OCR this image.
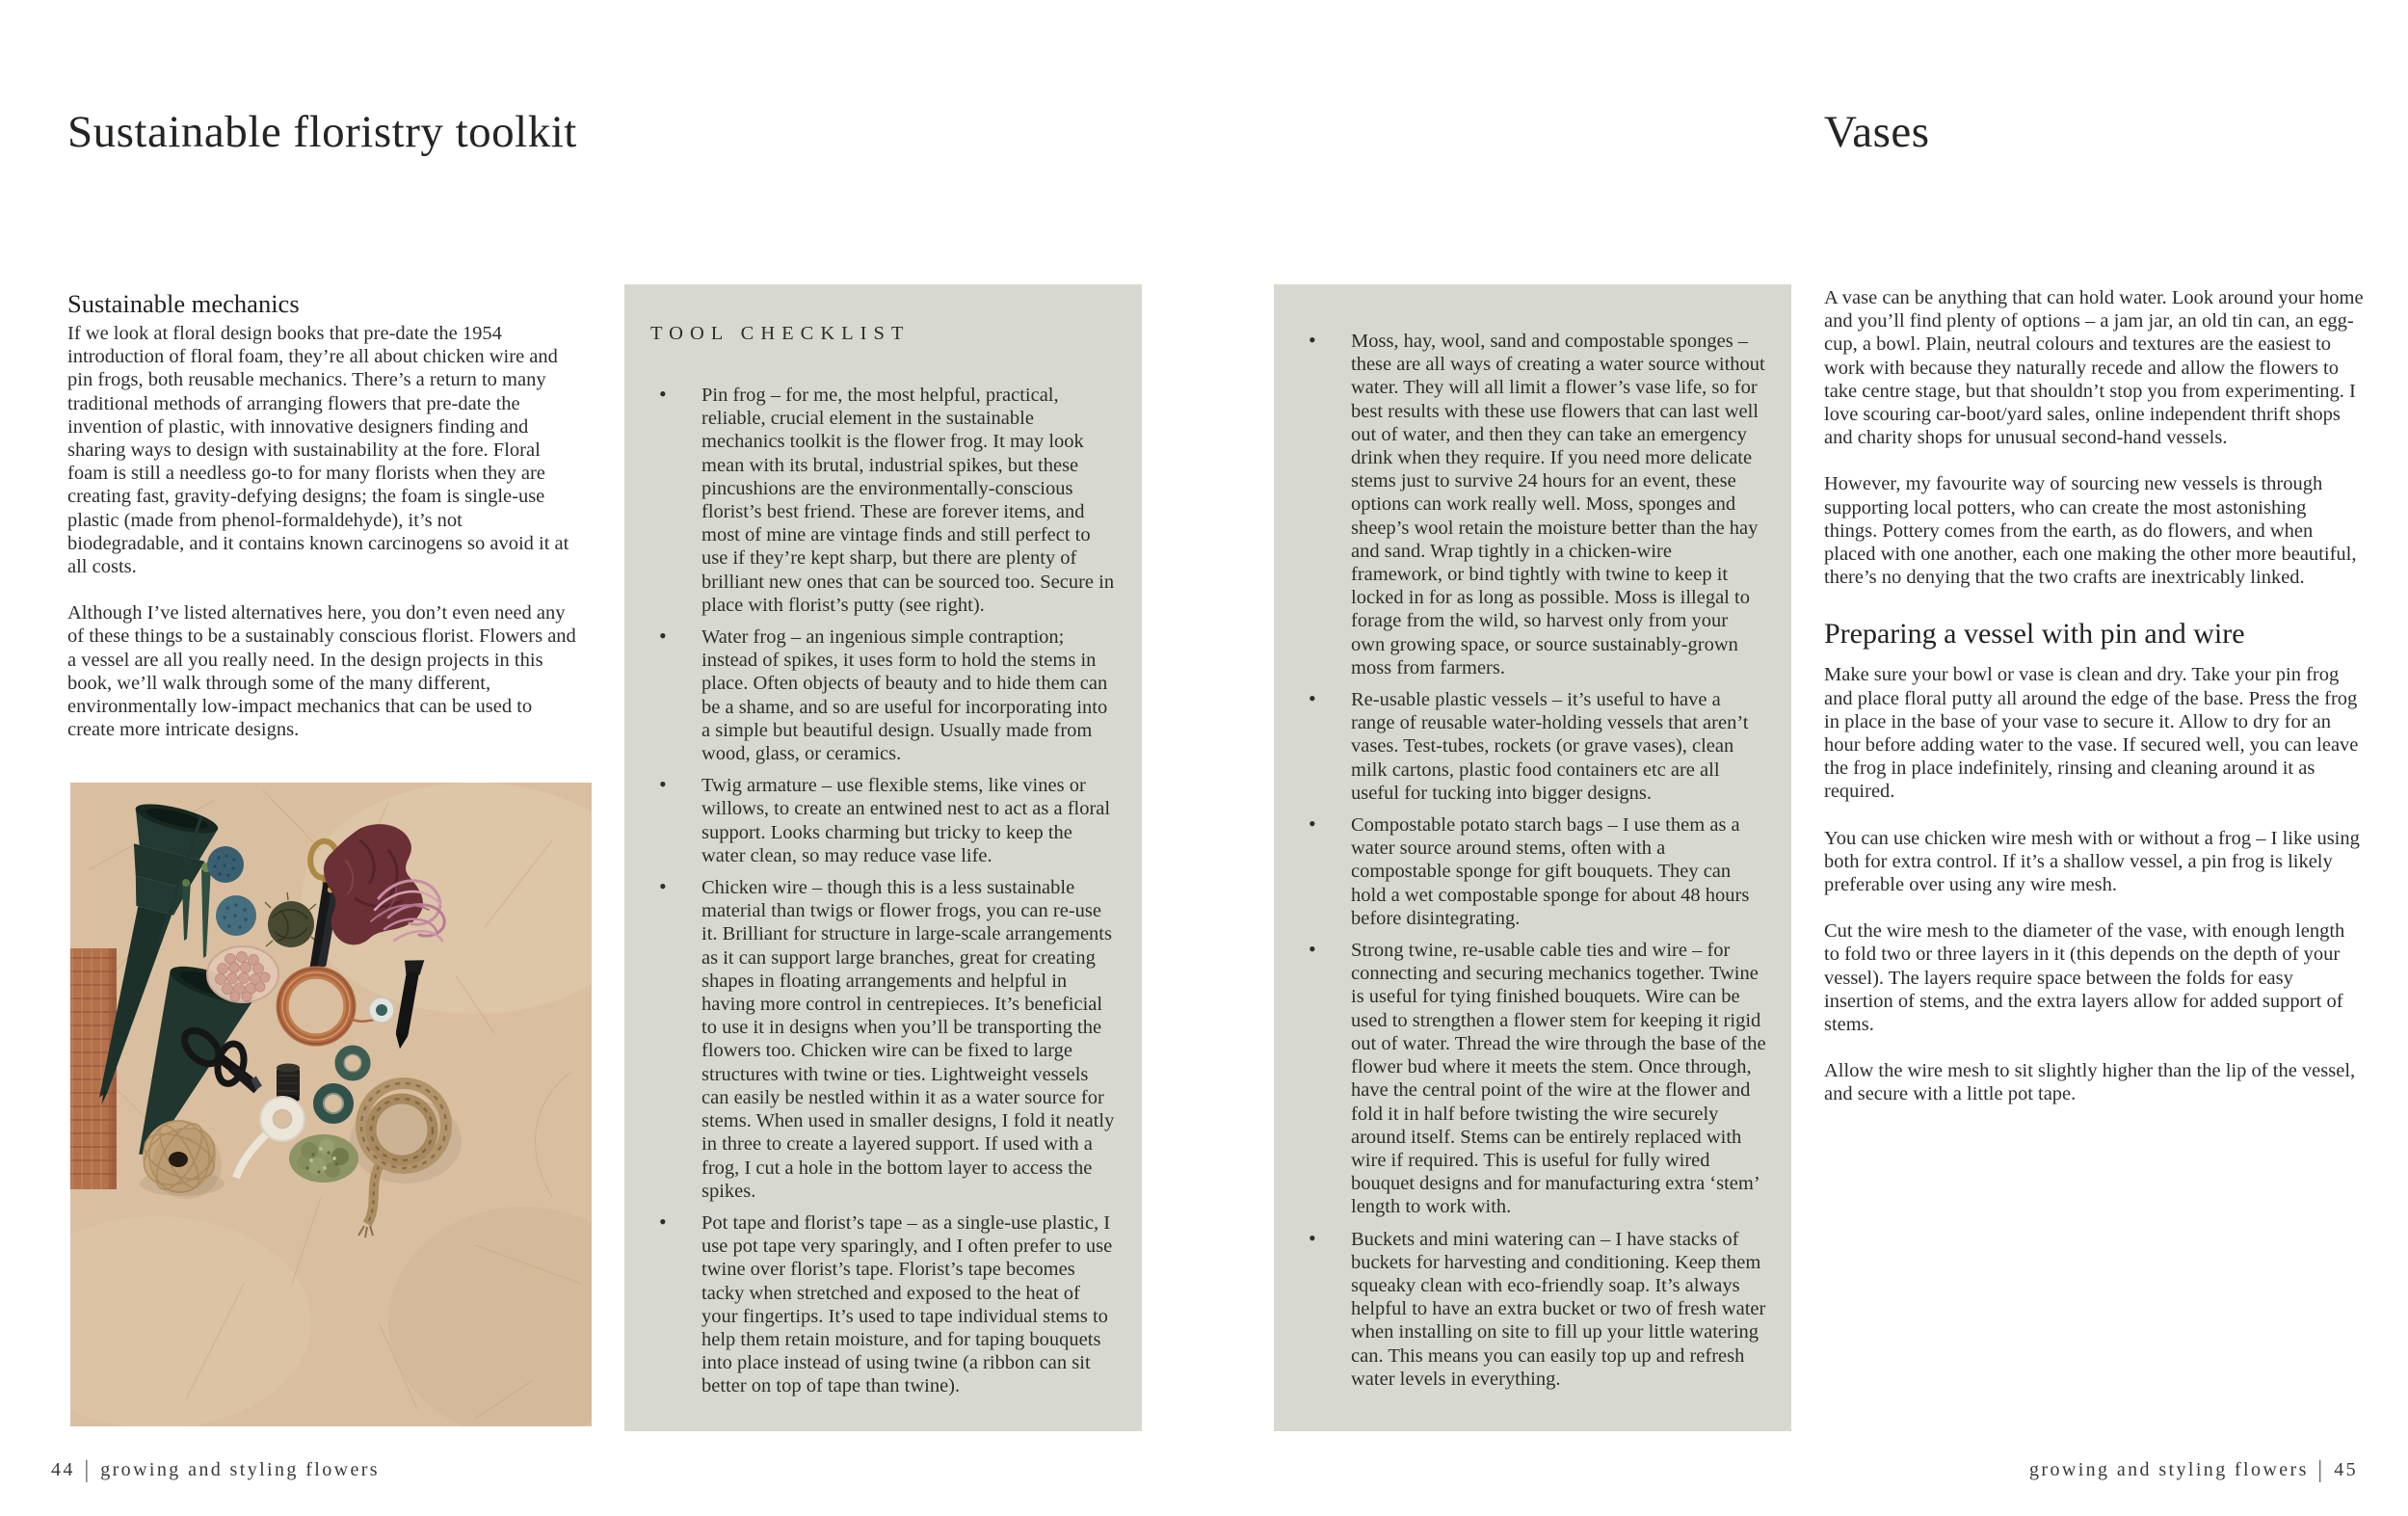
Sustainable floristry toolkit
Sustainable mechanics

If we look at floral design books that pre-date the 1954 introduction of floral foam, they’re all about chicken wire and pin frogs, both reusable mechanics. There’s a return to many traditional methods of arranging flowers that pre-date the invention of plastic, with innovative designers finding and sharing ways to design with sustainability at the fore. Floral foam is still a needless go-to for many florists when they are creating fast, gravity-defying designs; the foam is single-use plastic (made from phenol-formaldehyde), it’s not biodegradable, and it contains known carcinogens so avoid it at all costs.

Although I’ve listed alternatives here, you don’t even need any of these things to be a sustainably conscious florist. Flowers and a vessel are all you really need. In the design projects in this book, we’ll walk through some of the many different, environmentally low-impact mechanics that can be used to create more intricate designs.

TOOL CHECKLIST
• Pin frog – for me, the most helpful, practical, reliable, crucial element in the sustainable mechanics toolkit is the flower frog. It may look mean with its brutal, industrial spikes, but these pincushions are the environmentally-conscious florist’s best friend. These are forever items, and most of mine are vintage finds and still perfect to use if they’re kept sharp, but there are plenty of brilliant new ones that can be sourced too. Secure in place with florist’s putty (see right).
• Water frog – an ingenious simple contraption; instead of spikes, it uses form to hold the stems in place. Often objects of beauty and to hide them can be a shame, and so are useful for incorporating into a simple but beautiful design. Usually made from wood, glass, or ceramics.
• Twig armature – use flexible stems, like vines or willows, to create an entwined nest to act as a floral support. Looks charming but tricky to keep the water clean, so may reduce vase life.
• Chicken wire – though this is a less sustainable material than twigs or flower frogs, you can re-use it. Brilliant for structure in large-scale arrangements as it can support large branches, great for creating shapes in floating arrangements and helpful in having more control in centrepieces. It’s beneficial to use it in designs when you’ll be transporting the flowers too. Chicken wire can be fixed to large structures with twine or ties. Lightweight vessels can easily be nestled within it as a water source for stems. When used in smaller designs, I fold it neatly in three to create a layered support. If used with a frog, I cut a hole in the bottom layer to access the spikes.
• Pot tape and florist’s tape – as a single-use plastic, I use pot tape very sparingly, and I often prefer to use twine over florist’s tape. Florist’s tape becomes tacky when stretched and exposed to the heat of your fingertips. It’s used to tape individual stems to help them retain moisture, and for taping bouquets into place instead of using twine (a ribbon can sit better on top of tape than twine).
• Moss, hay, wool, sand and compostable sponges – these are all ways of creating a water source without water. They will all limit a flower’s vase life, so for best results with these use flowers that can last well out of water, and then they can take an emergency drink when they require. If you need more delicate stems just to survive 24 hours for an event, these options can work really well. Moss, sponges and sheep’s wool retain the moisture better than the hay and sand. Wrap tightly in a chicken-wire framework, or bind tightly with twine to keep it locked in for as long as possible. Moss is illegal to forage from the wild, so harvest only from your own growing space, or source sustainably-grown moss from farmers.
• Re-usable plastic vessels – it’s useful to have a range of reusable water-holding vessels that aren’t vases. Test-tubes, rockets (or grave vases), clean milk cartons, plastic food containers etc are all useful for tucking into bigger designs.
• Compostable potato starch bags – I use them as a water source around stems, often with a compostable sponge for gift bouquets. They can hold a wet compostable sponge for about 48 hours before disintegrating.
• Strong twine, re-usable cable ties and wire – for connecting and securing mechanics together. Twine is useful for tying finished bouquets. Wire can be used to strengthen a flower stem for keeping it rigid out of water. Thread the wire through the base of the flower bud where it meets the stem. Once through, have the central point of the wire at the flower and fold it in half before twisting the wire securely around itself. Stems can be entirely replaced with wire if required. This is useful for fully wired bouquet designs and for manufacturing extra ‘stem’ length to work with.
• Buckets and mini watering can – I have stacks of buckets for harvesting and conditioning. Keep them squeaky clean with eco-friendly soap. It’s always helpful to have an extra bucket or two of fresh water when installing on site to fill up your little watering can. This means you can easily top up and refresh water levels in everything.
Vases

A vase can be anything that can hold water. Look around your home and you’ll find plenty of options – a jam jar, an old tin can, an egg-cup, a bowl. Plain, neutral colours and textures are the easiest to work with because they naturally recede and allow the flowers to take centre stage, but that shouldn’t stop you from experimenting. I love scouring car-boot/yard sales, online independent thrift shops and charity shops for unusual second-hand vessels.

However, my favourite way of sourcing new vessels is through supporting local potters, who can create the most astonishing things. Pottery comes from the earth, as do flowers, and when placed with one another, each one making the other more beautiful, there’s no denying that the two crafts are inextricably linked.

Preparing a vessel with pin and wire

Make sure your bowl or vase is clean and dry. Take your pin frog and place floral putty all around the edge of the base. Press the frog in place in the base of your vase to secure it. Allow to dry for an hour before adding water to the vase. If secured well, you can leave the frog in place indefinitely, rinsing and cleaning around it as required.

You can use chicken wire mesh with or without a frog – I like using both for extra control. If it’s a shallow vessel, a pin frog is likely preferable over using any wire mesh.

Cut the wire mesh to the diameter of the vase, with enough length to fold two or three layers in it (this depends on the depth of your vessel). The layers require space between the folds for easy insertion of stems, and the extra layers allow for added support of stems.

Allow the wire mesh to sit slightly higher than the lip of the vessel, and secure with a little pot tape.

44 | growing and styling flowers	growing and styling flowers | 45
